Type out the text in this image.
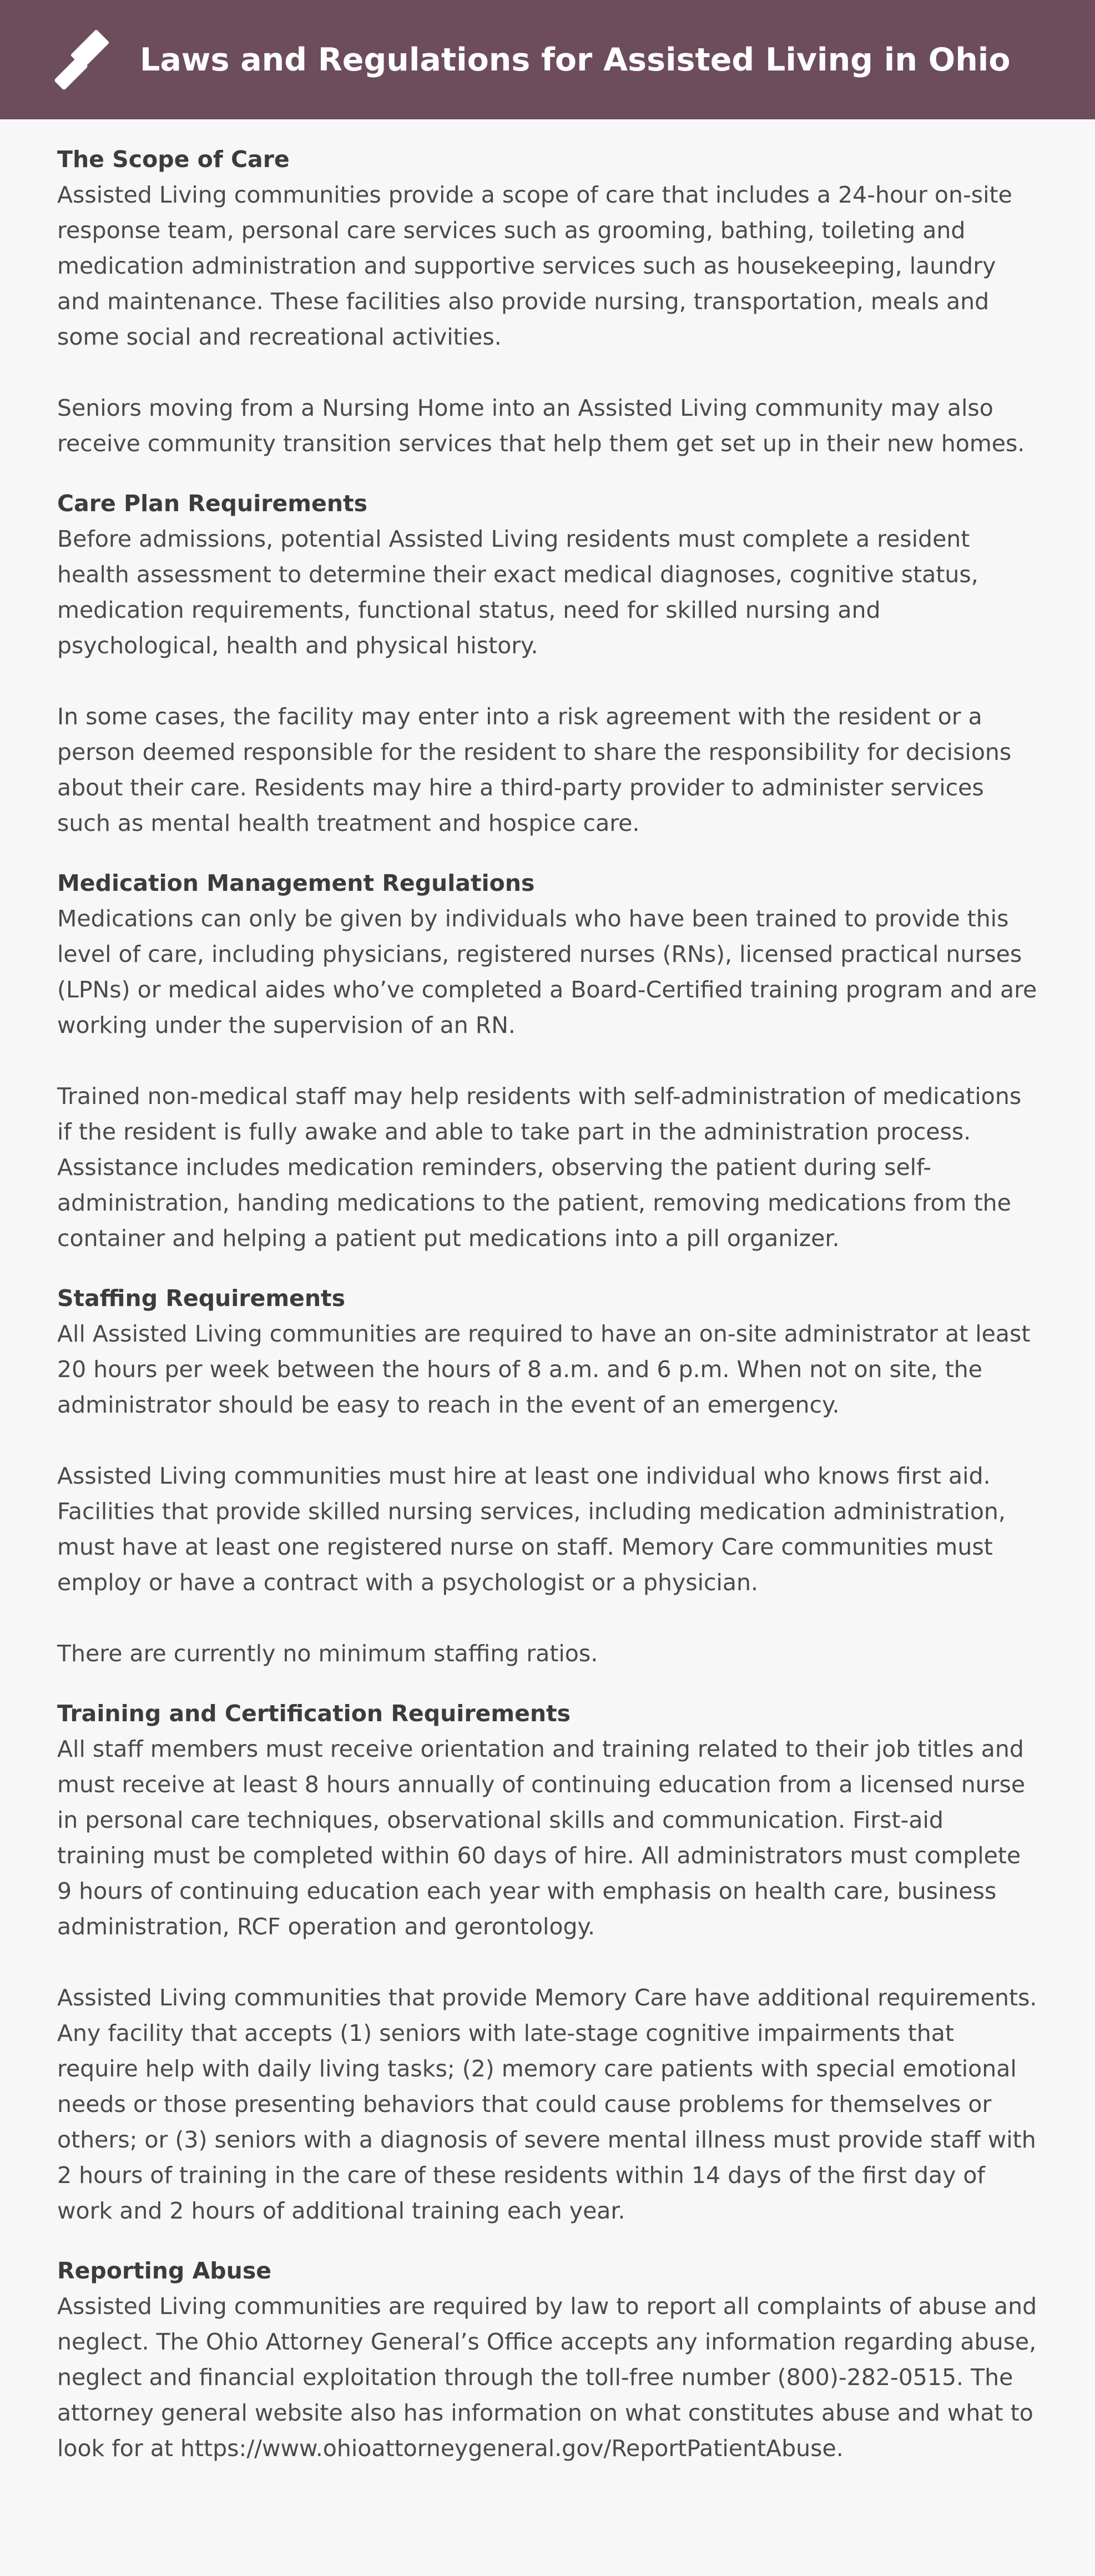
Laws and Regulations for Assisted Living in Ohio
The Scope of Care

Assisted Living communities provide a scope of care that includes a 24-hour on-site response team, personal care services such as grooming, bathing, toileting and medication administration and supportive services such as housekeeping, laundry and maintenance. These facilities also provide nursing, transportation, meals and some social and recreational activities.

Seniors moving from a Nursing Home into an Assisted Living community may also receive community transition services that help them get set up in their new homes.

Care Plan Requirements

Before admissions, potential Assisted Living residents must complete a resident health assessment to determine their exact medical diagnoses, cognitive status, medication requirements, functional status, need for skilled nursing and psychological, health and physical history.

In some cases, the facility may enter into a risk agreement with the resident or a person deemed responsible for the resident to share the responsibility for decisions about their care. Residents may hire a third-party provider to administer services such as mental health treatment and hospice care.

Medication Management Regulations

Medications can only be given by individuals who have been trained to provide this level of care, including physicians, registered nurses (RNs), licensed practical nurses (LPNs) or medical aides who’ve completed a Board-Certified training program and are working under the supervision of an RN.

Trained non-medical staff may help residents with self-administration of medications if the resident is fully awake and able to take part in the administration process. Assistance includes medication reminders, observing the patient during self-administration, handing medications to the patient, removing medications from the container and helping a patient put medications into a pill organizer.

Staffing Requirements

All Assisted Living communities are required to have an on-site administrator at least 20 hours per week between the hours of 8 a.m. and 6 p.m. When not on site, the administrator should be easy to reach in the event of an emergency.

Assisted Living communities must hire at least one individual who knows first aid. Facilities that provide skilled nursing services, including medication administration, must have at least one registered nurse on staff. Memory Care communities must employ or have a contract with a psychologist or a physician.

There are currently no minimum staffing ratios.

Training and Certification Requirements

All staff members must receive orientation and training related to their job titles and must receive at least 8 hours annually of continuing education from a licensed nurse in personal care techniques, observational skills and communication. First-aid training must be completed within 60 days of hire. All administrators must complete 9 hours of continuing education each year with emphasis on health care, business administration, RCF operation and gerontology.

Assisted Living communities that provide Memory Care have additional requirements. Any facility that accepts (1) seniors with late-stage cognitive impairments that require help with daily living tasks; (2) memory care patients with special emotional needs or those presenting behaviors that could cause problems for themselves or others; or (3) seniors with a diagnosis of severe mental illness must provide staff with 2 hours of training in the care of these residents within 14 days of the first day of work and 2 hours of additional training each year.

Reporting Abuse

Assisted Living communities are required by law to report all complaints of abuse and neglect. The Ohio Attorney General’s Office accepts any information regarding abuse, neglect and financial exploitation through the toll-free number (800)-282-0515. The attorney general website also has information on what constitutes abuse and what to look for at https://www.ohioattorneygeneral.gov/ReportPatientAbuse.
